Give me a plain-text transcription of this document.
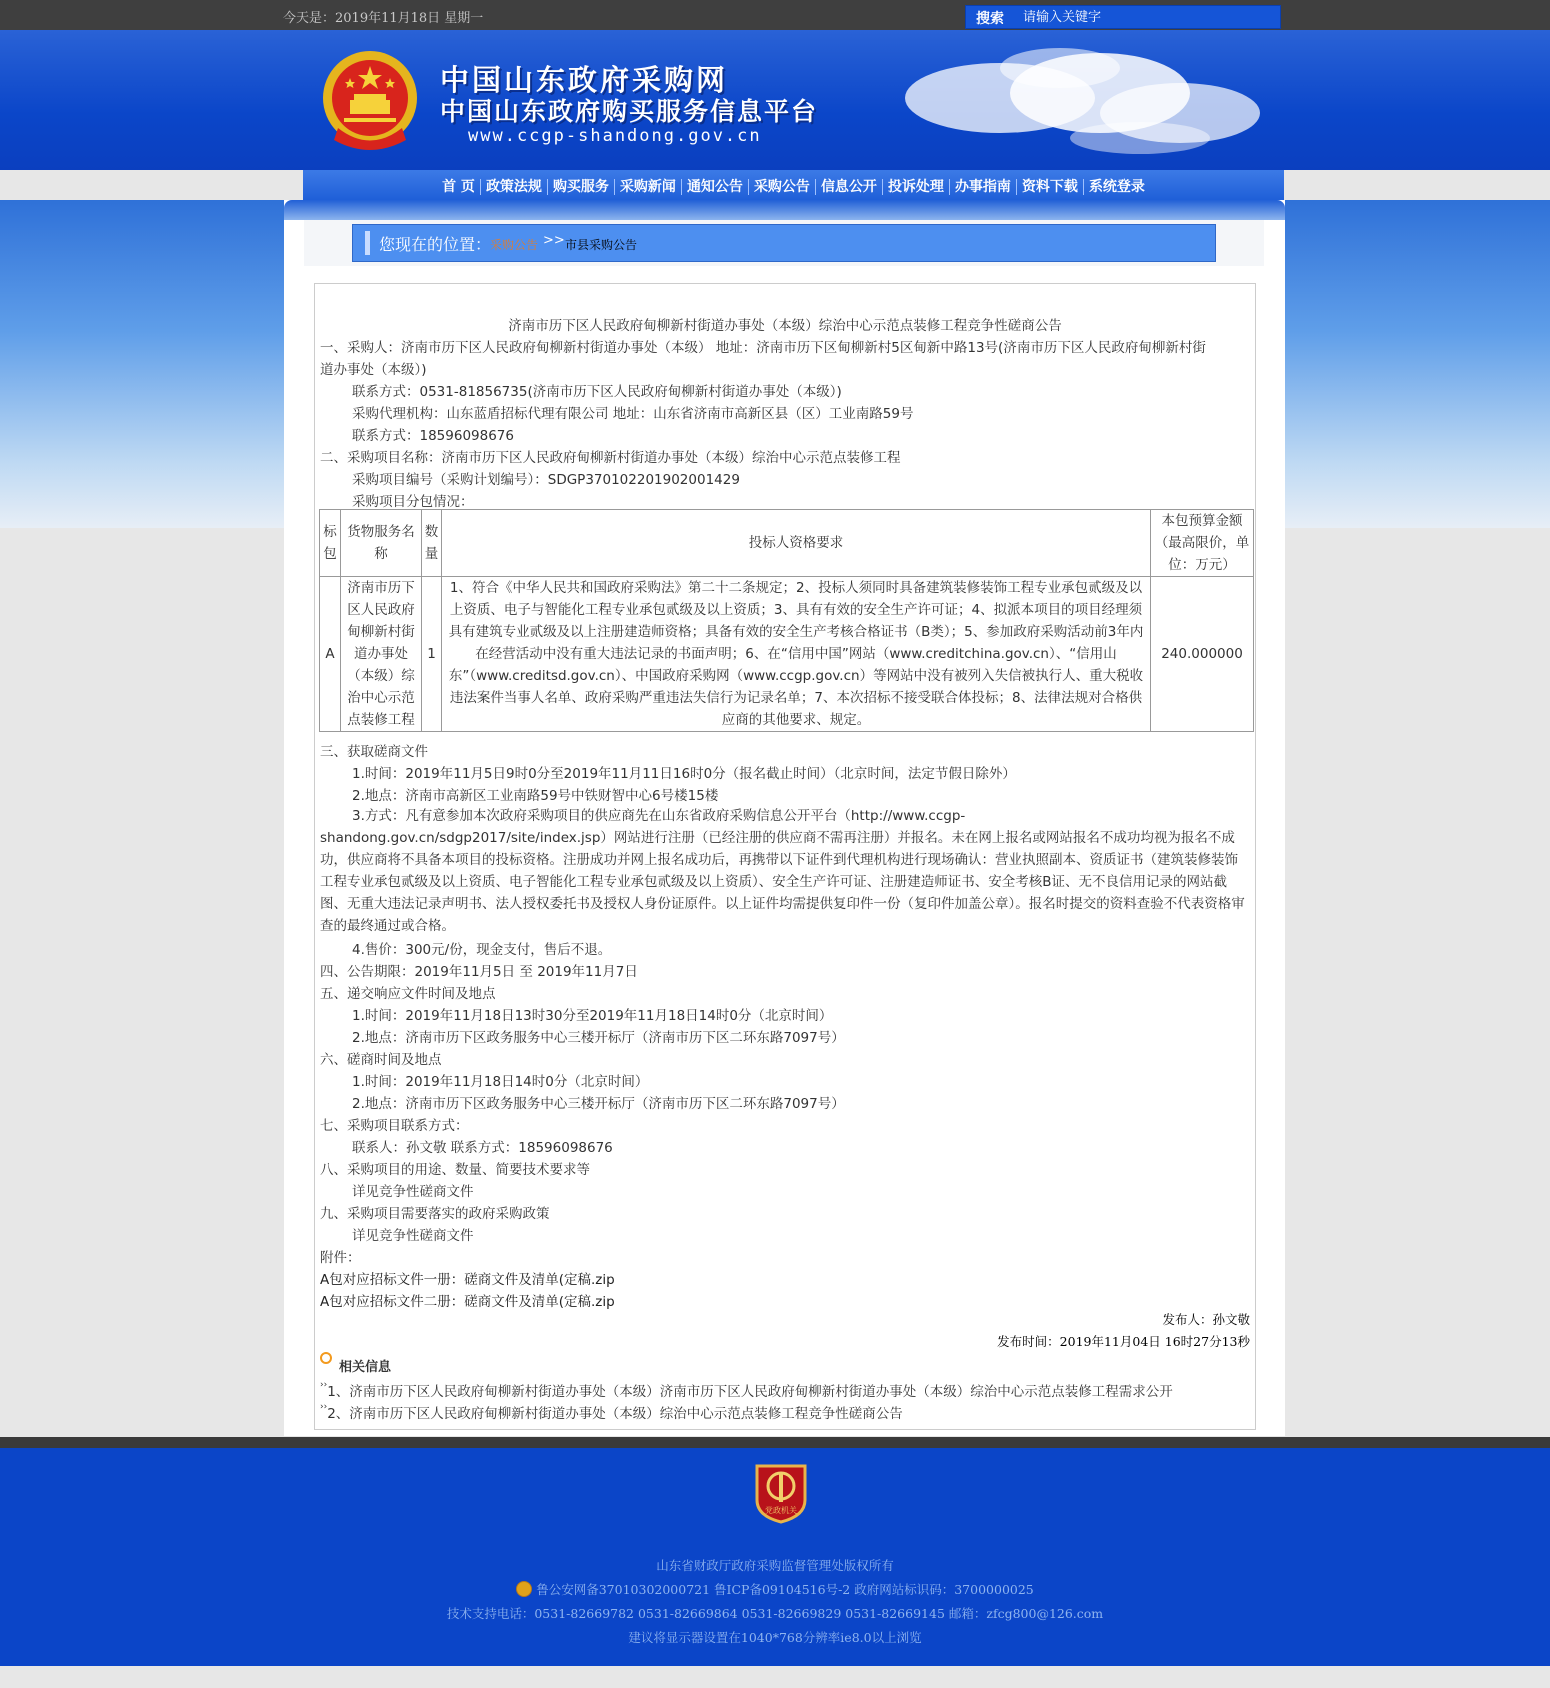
今天是：2019年11月18日 星期一	搜索
请输入关键字
中国山东政府采购网
中国山东政府购买服务信息平台
www.ccgp-shandong.gov.cn
首 页 政策法规 购买服务 采购新闻 通知公告 采购公告 信息公开 投诉处理 办事指南 资料下载 系统登录
您现在的位置：
采购公告 >> 市县采购公告
济南市历下区人民政府甸柳新村街道办事处（本级）综治中心示范点装修工程竞争性磋商公告
一、采购人：济南市历下区人民政府甸柳新村街道办事处（本级） 地址：济南市历下区甸柳新村5区甸新中路13号(济南市历下区人民政府甸柳新村街
道办事处（本级）)
联系方式：0531-81856735(济南市历下区人民政府甸柳新村街道办事处（本级）)
采购代理机构：山东蓝盾招标代理有限公司 地址：山东省济南市高新区县（区）工业南路59号
联系方式：18596098676
二、采购项目名称：济南市历下区人民政府甸柳新村街道办事处（本级）综治中心示范点装修工程
采购项目编号（采购计划编号）：SDGP370102201902001429
采购项目分包情况：
标包	货物服务名称	数量	投标人资格要求	本包预算金额（最高限价，单位：万元）
A	济南市历下区人民政府甸柳新村街道办事处（本级）综治中心示范点装修工程	1	1、符合《中华人民共和国政府采购法》第二十二条规定；2、投标人须同时具备建筑装修装饰工程专业承包贰级及以上资质、电子与智能化工程专业承包贰级及以上资质；3、具有有效的安全生产许可证；4、拟派本项目的项目经理须具有建筑专业贰级及以上注册建造师资格；具备有效的安全生产考核合格证书（B类）；5、参加政府采购活动前3年内在经营活动中没有重大违法记录的书面声明；6、在“信用中国”网站（www.creditchina.gov.cn）、“信用山东”（www.creditsd.gov.cn）、中国政府采购网（www.ccgp.gov.cn）等网站中没有被列入失信被执行人、重大税收违法案件当事人名单、政府采购严重违法失信行为记录名单；7、本次招标不接受联合体投标；8、法律法规对合格供应商的其他要求、规定。	240.000000
三、获取磋商文件
1.时间：2019年11月5日9时0分至2019年11月11日16时0分（报名截止时间）（北京时间，法定节假日除外）
2.地点：济南市高新区工业南路59号中铁财智中心6号楼15楼
3.方式：凡有意参加本次政府采购项目的供应商先在山东省政府采购信息公开平台（http://www.ccgp-shandong.gov.cn/sdgp2017/site/index.jsp）网站进行注册（已经注册的供应商不需再注册）并报名。未在网上报名或网站报名不成功均视为报名不成功，供应商将不具备本项目的投标资格。注册成功并网上报名成功后，再携带以下证件到代理机构进行现场确认：营业执照副本、资质证书（建筑装修装饰工程专业承包贰级及以上资质、电子智能化工程专业承包贰级及以上资质）、安全生产许可证、注册建造师证书、安全考核B证、无不良信用记录的网站截图、无重大违法记录声明书、法人授权委托书及授权人身份证原件。以上证件均需提供复印件一份（复印件加盖公章）。报名时提交的资料查验不代表资格审查的最终通过或合格。
4.售价：300元/份，现金支付，售后不退。
四、公告期限：2019年11月5日 至 2019年11月7日
五、递交响应文件时间及地点
1.时间：2019年11月18日13时30分至2019年11月18日14时0分（北京时间）
2.地点：济南市历下区政务服务中心三楼开标厅（济南市历下区二环东路7097号）
六、磋商时间及地点
1.时间：2019年11月18日14时0分（北京时间）
2.地点：济南市历下区政务服务中心三楼开标厅（济南市历下区二环东路7097号）
七、采购项目联系方式：
联系人：孙文敬 联系方式：18596098676
八、采购项目的用途、数量、简要技术要求等
详见竞争性磋商文件
九、采购项目需要落实的政府采购政策
详见竞争性磋商文件
附件：
A包对应招标文件一册：磋商文件及清单(定稿.zip
A包对应招标文件二册：磋商文件及清单(定稿.zip
发布人：孙文敬
发布时间：2019年11月04日 16时27分13秒
相关信息
››1、济南市历下区人民政府甸柳新村街道办事处（本级）济南市历下区人民政府甸柳新村街道办事处（本级）综治中心示范点装修工程需求公开
››2、济南市历下区人民政府甸柳新村街道办事处（本级）综治中心示范点装修工程竞争性磋商公告
党政机关
山东省财政厅政府采购监督管理处版权所有
鲁公安网备37010302000721 鲁ICP备09104516号-2 政府网站标识码：3700000025
技术支持电话：0531-82669782 0531-82669864 0531-82669829 0531-82669145 邮箱：zfcg800@126.com
建议将显示器设置在1040*768分辨率ie8.0以上浏览
